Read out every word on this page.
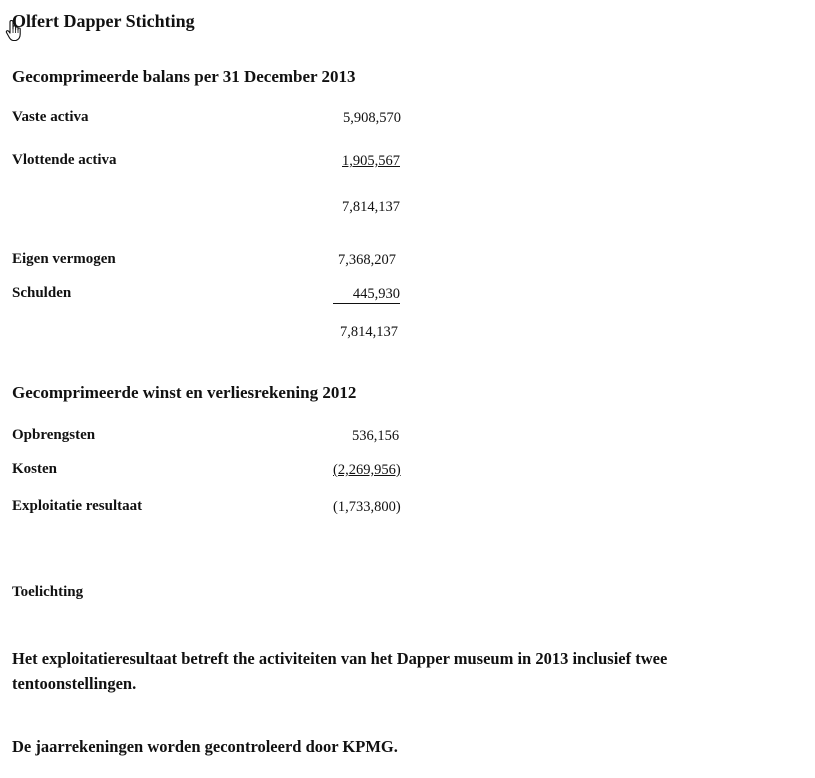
Olfert Dapper Stichting
Gecomprimeerde balans per 31 December 2013
Vaste activa	5,908,570
Vlottende activa	1,905,567
7,814,137
Eigen vermogen	7,368,207
Schulden	445,930
7,814,137
Gecomprimeerde winst en verliesrekening 2012
Opbrengsten	536,156
Kosten	(2,269,956)
Exploitatie resultaat	(1,733,800)
Toelichting
Het exploitatieresultaat betreft the activiteiten van het Dapper museum in 2013 inclusief twee tentoonstellingen.
De jaarrekeningen worden gecontroleerd door KPMG.
